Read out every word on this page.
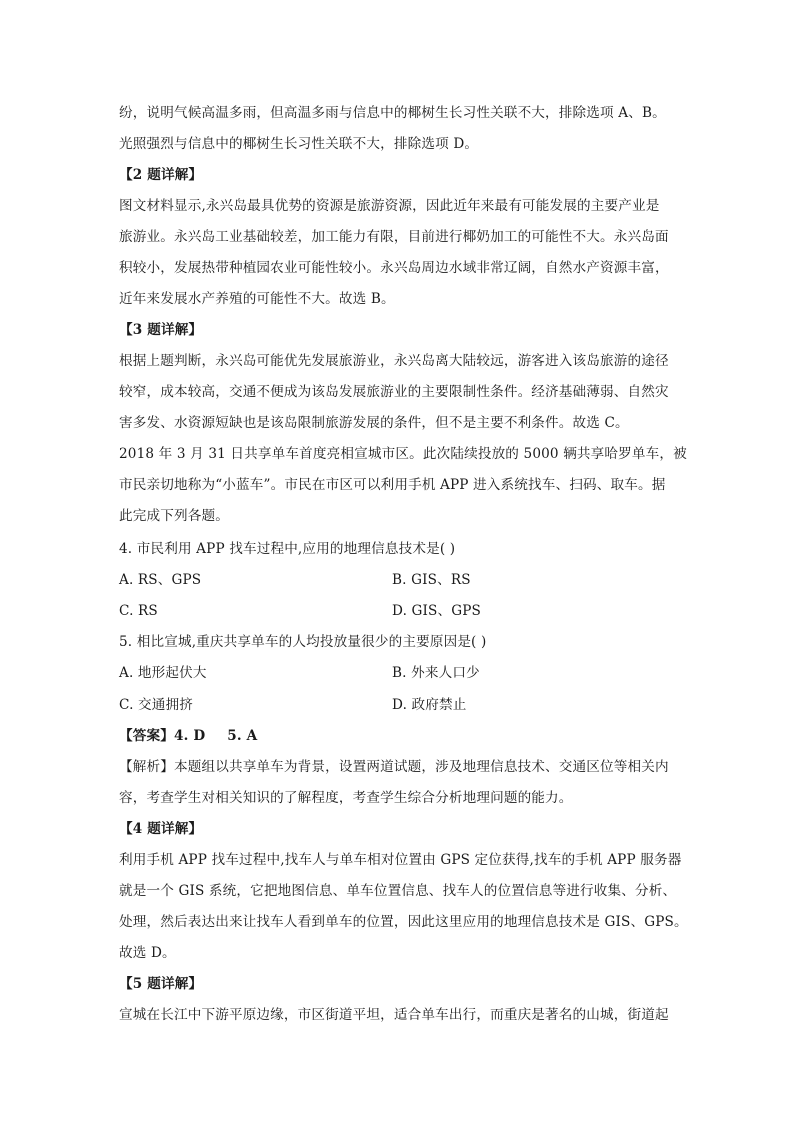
纷，说明气候高温多雨，但高温多雨与信息中的椰树生长习性关联不大，排除选项 A、B。
光照强烈与信息中的椰树生长习性关联不大，排除选项 D。
【2 题详解】
图文材料显示,永兴岛最具优势的资源是旅游资源，因此近年来最有可能发展的主要产业是
旅游业。永兴岛工业基础较差，加工能力有限，目前进行椰奶加工的可能性不大。永兴岛面
积较小，发展热带种植园农业可能性较小。永兴岛周边水域非常辽阔，自然水产资源丰富，
近年来发展水产养殖的可能性不大。故选 B。
【3 题详解】
根据上题判断，永兴岛可能优先发展旅游业，永兴岛离大陆较远，游客进入该岛旅游的途径
较窄，成本较高，交通不便成为该岛发展旅游业的主要限制性条件。经济基础薄弱、自然灾
害多发、水资源短缺也是该岛限制旅游发展的条件，但不是主要不利条件。故选 C。
2018 年 3 月 31 日共享单车首度亮相宣城市区。此次陆续投放的 5000 辆共享哈罗单车，被
市民亲切地称为“小蓝车”。市民在市区可以利用手机 APP 进入系统找车、扫码、取车。据
此完成下列各题。
4. 市民利用 APP 找车过程中,应用的地理信息技术是( )
A. RS、GPS	B. GIS、RS
C. RS	D. GIS、GPS
5. 相比宣城,重庆共享单车的人均投放量很少的主要原因是( )
A. 地形起伏大	B. 外来人口少
C. 交通拥挤	D. 政府禁止
【答案】4. D 5. A
【解析】本题组以共享单车为背景，设置两道试题，涉及地理信息技术、交通区位等相关内
容，考查学生对相关知识的了解程度，考查学生综合分析地理问题的能力。
【4 题详解】
利用手机 APP 找车过程中,找车人与单车相对位置由 GPS 定位获得,找车的手机 APP 服务器
就是一个 GIS 系统，它把地图信息、单车位置信息、找车人的位置信息等进行收集、分析、
处理，然后表达出来让找车人看到单车的位置，因此这里应用的地理信息技术是 GIS、GPS。
故选 D。
【5 题详解】
宣城在长江中下游平原边缘，市区街道平坦，适合单车出行，而重庆是著名的山城，街道起
